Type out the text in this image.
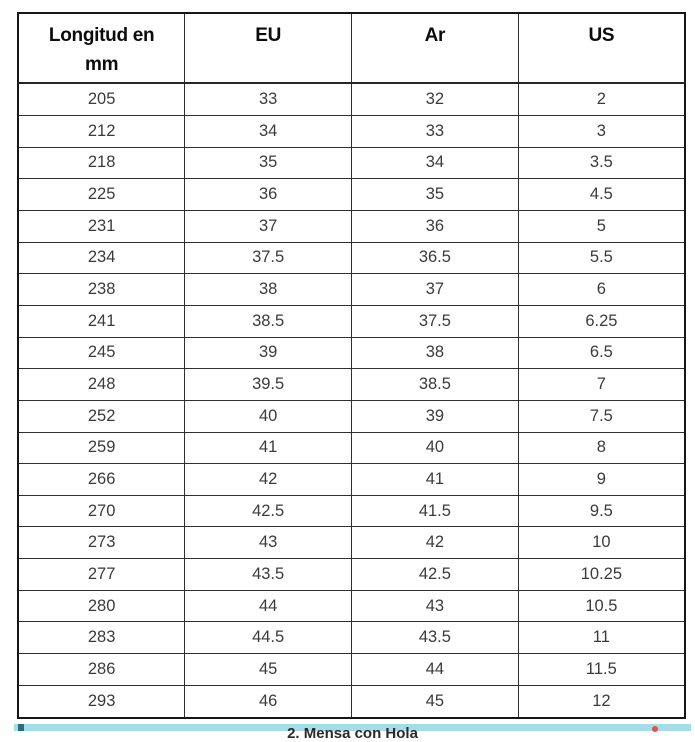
Longitud en mm	EU	Ar	US
205	33	32	2
212	34	33	3
218	35	34	3.5
225	36	35	4.5
231	37	36	5
234	37.5	36.5	5.5
238	38	37	6
241	38.5	37.5	6.25
245	39	38	6.5
248	39.5	38.5	7
252	40	39	7.5
259	41	40	8
266	42	41	9
270	42.5	41.5	9.5
273	43	42	10
277	43.5	42.5	10.25
280	44	43	10.5
283	44.5	43.5	11
286	45	44	11.5
293	46	45	12
2. Mensa con Hola
